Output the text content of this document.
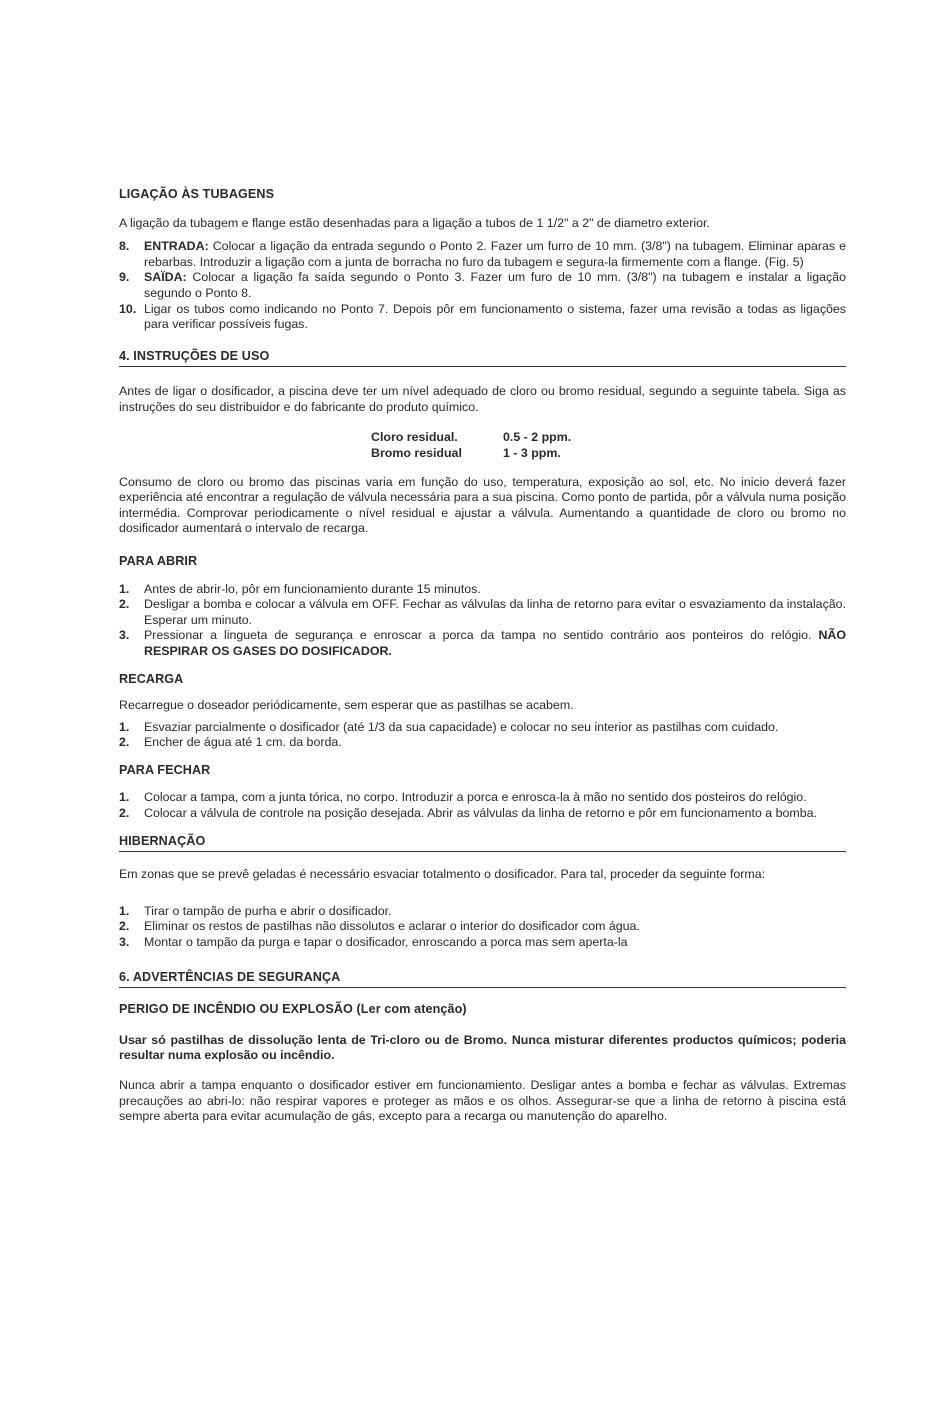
LIGAÇÃO ÀS TUBAGENS

A ligação da tubagem e flange estão desenhadas para a ligação a tubos de 1 1/2" a 2" de diametro exterior.

8.	ENTRADA: Colocar a ligação da entrada segundo o Ponto 2. Fazer um furro de 10 mm. (3/8") na tubagem. Eliminar aparas e rebarbas. Introduzir a ligação com a junta de borracha no furo da tubagem e segura-la firmemente com a flange. (Fig. 5)
9.	SAÏDA: Colocar a ligação fa saída segundo o Ponto 3. Fazer um furo de 10 mm. (3/8") na tubagem e instalar a ligação segundo o Ponto 8.
10. Ligar os tubos como indicando no Ponto 7. Depois pôr em funcionamento o sistema, fazer uma revisão a todas as ligações para verificar possíveis fugas.
4. INSTRUÇÕES DE USO

Antes de ligar o dosificador, a piscina deve ter um nível adequado de cloro ou bromo residual, segundo a seguinte tabela. Siga as instruções do seu distribuidor e do fabricante do produto químico.

Cloro residual.	0.5 - 2 ppm.
Bromo residual	1 - 3 ppm.

Consumo de cloro ou bromo das piscinas varia em função do uso, temperatura, exposição ao sol, etc. No inicio deverá fazer experiência até encontrar a regulação de válvula necessária para a sua piscina. Como ponto de partida, pôr a válvula numa posição intermédia. Comprovar periodicamente o nível residual e ajustar a válvula. Aumentando a quantidade de cloro ou bromo no dosificador aumentará o intervalo de recarga.

PARA ABRIR
1.	Antes de abrir-lo, pôr em funcionamiento durante 15 minutos.
2.	Desligar a bomba e colocar a válvula em OFF. Fechar as válvulas da linha de retorno para evitar o esvaziamento da instalação. Esperar um minuto.
3.	Pressionar a lingueta de segurança e enroscar a porca da tampa no sentido contrário aos ponteiros do relógio. NÃO RESPIRAR OS GASES DO DOSIFICADOR.
RECARGA

Recarregue o doseador periódicamente, sem esperar que as pastilhas se acabem.

1.	Esvaziar parcialmente o dosificador (até 1/3 da sua capacidade) e colocar no seu interior as pastilhas com cuidado.
2.	Encher de água até 1 cm. da borda.
PARA FECHAR
1.	Colocar a tampa, com a junta tórica, no corpo. Introduzir a porca e enrosca-la à mão no sentido dos posteiros do relógio.
2.	Colocar a válvula de controle na posição desejada. Abrir as válvulas da linha de retorno e pôr em funcionamento a bomba.
HIBERNAÇÃO

Em zonas que se prevê geladas é necessário esvaciar totalmento o dosificador. Para tal, proceder da seguinte forma:

1.	Tirar o tampão de purha e abrir o dosificador.
2.	Eliminar os restos de pastilhas não dissolutos e aclarar o interior do dosificador com água.
3.	Montar o tampão da purga e tapar o dosificador, enroscando a porca mas sem aperta-la
6. ADVERTÊNCIAS DE SEGURANÇA
PERIGO DE INCÊNDIO OU EXPLOSÃO (Ler com atenção)

Usar só pastilhas de dissolução lenta de Tri-cloro ou de Bromo. Nunca misturar diferentes productos químicos; poderia resultar numa explosão ou incêndio.

Nunca abrir a tampa enquanto o dosificador estiver em funcionamiento. Desligar antes a bomba e fechar as válvulas. Extremas precauções ao abri-lo: não respirar vapores e proteger as mãos e os olhos. Assegurar-se que a linha de retorno à piscina está sempre aberta para evitar acumulação de gás, excepto para a recarga ou manutenção do aparelho.
